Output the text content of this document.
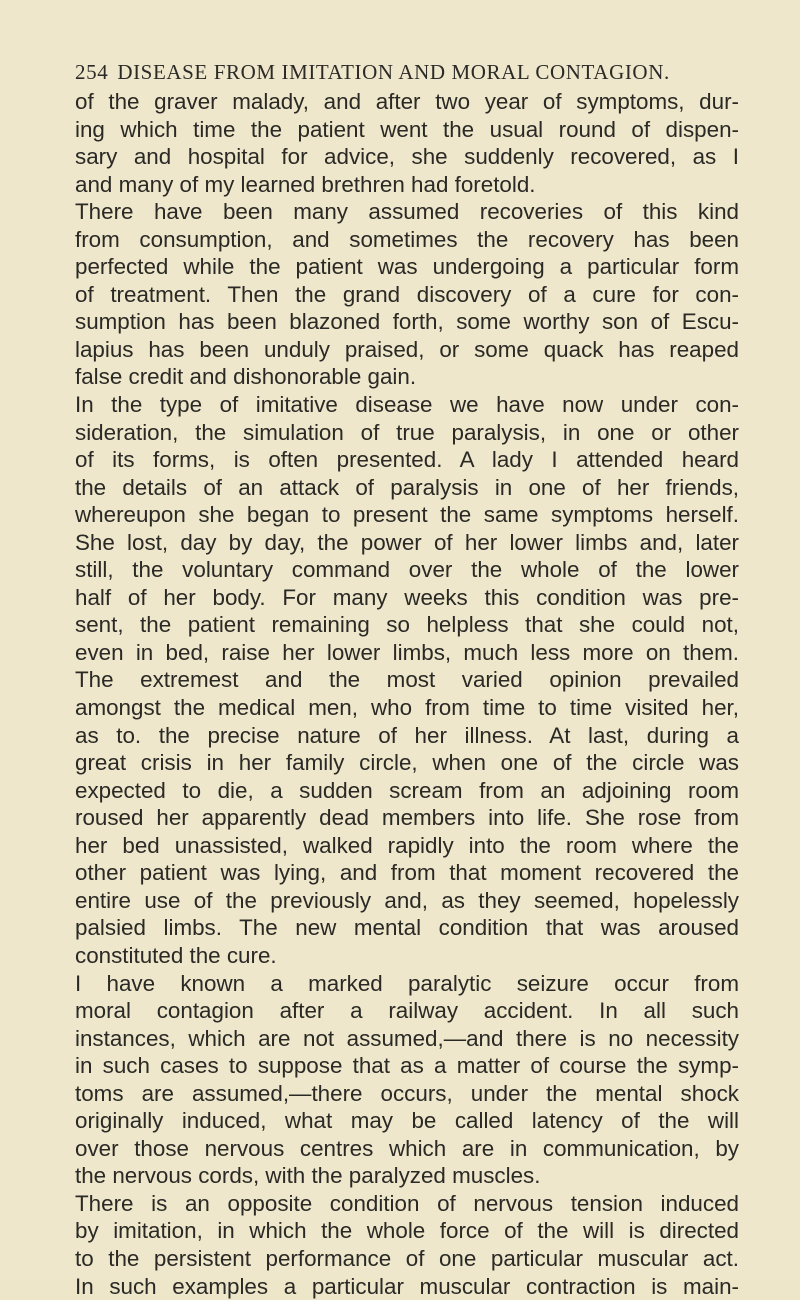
254 DISEASE FROM IMITATION AND MORAL CONTAGION.
of the graver malady, and after two year of symptoms, dur-
ing which time the patient went the usual round of dispen-
sary and hospital for advice, she suddenly recovered, as I
and many of my learned brethren had foretold.
There have been many assumed recoveries of this kind
from consumption, and sometimes the recovery has been
perfected while the patient was undergoing a particular form
of treatment. Then the grand discovery of a cure for con-
sumption has been blazoned forth, some worthy son of Escu-
lapius has been unduly praised, or some quack has reaped
false credit and dishonorable gain.
In the type of imitative disease we have now under con-
sideration, the simulation of true paralysis, in one or other
of its forms, is often presented. A lady I attended heard
the details of an attack of paralysis in one of her friends,
whereupon she began to present the same symptoms herself.
She lost, day by day, the power of her lower limbs and, later
still, the voluntary command over the whole of the lower
half of her body. For many weeks this condition was pre-
sent, the patient remaining so helpless that she could not,
even in bed, raise her lower limbs, much less more on them.
The extremest and the most varied opinion prevailed
amongst the medical men, who from time to time visited her,
as to. the precise nature of her illness. At last, during a
great crisis in her family circle, when one of the circle was
expected to die, a sudden scream from an adjoining room
roused her apparently dead members into life. She rose from
her bed unassisted, walked rapidly into the room where the
other patient was lying, and from that moment recovered the
entire use of the previously and, as they seemed, hopelessly
palsied limbs. The new mental condition that was aroused
constituted the cure.
I have known a marked paralytic seizure occur from
moral contagion after a railway accident. In all such
instances, which are not assumed,—and there is no necessity
in such cases to suppose that as a matter of course the symp-
toms are assumed,—there occurs, under the mental shock
originally induced, what may be called latency of the will
over those nervous centres which are in communication, by
the nervous cords, with the paralyzed muscles.
There is an opposite condition of nervous tension induced
by imitation, in which the whole force of the will is directed
to the persistent performance of one particular muscular act.
In such examples a particular muscular contraction is main-
